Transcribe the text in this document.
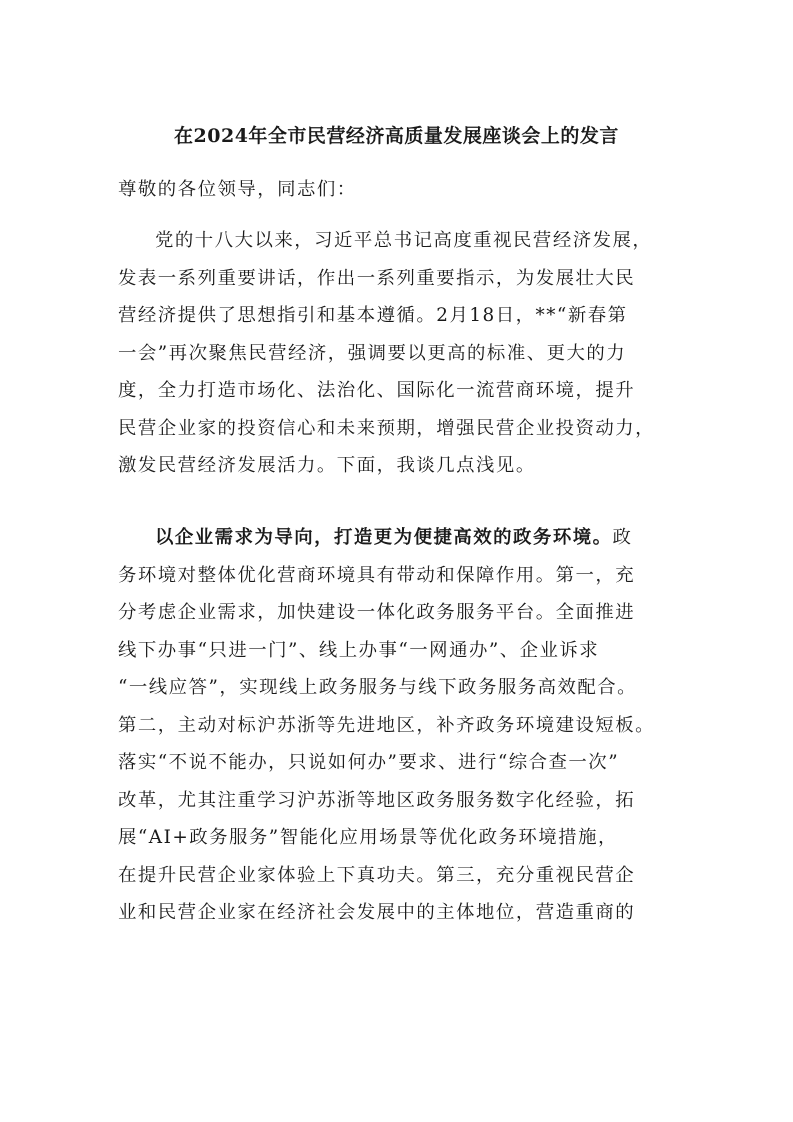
在2024年全市民营经济高质量发展座谈会上的发言
尊敬的各位领导，同志们：
党的十八大以来，习近平总书记高度重视民营经济发展，
发表一系列重要讲话，作出一系列重要指示，为发展壮大民
营经济提供了思想指引和基本遵循。2月18日，**“新春第
一会”再次聚焦民营经济，强调要以更高的标准、更大的力
度，全力打造市场化、法治化、国际化一流营商环境，提升
民营企业家的投资信心和未来预期，增强民营企业投资动力，
激发民营经济发展活力。下面，我谈几点浅见。
以企业需求为导向，打造更为便捷高效的政务环境。政
务环境对整体优化营商环境具有带动和保障作用。第一，充
分考虑企业需求，加快建设一体化政务服务平台。全面推进
线下办事“只进一门”、线上办事“一网通办”、企业诉求
“一线应答”，实现线上政务服务与线下政务服务高效配合。
第二，主动对标沪苏浙等先进地区，补齐政务环境建设短板。
落实“不说不能办，只说如何办”要求、进行“综合查一次”
改革，尤其注重学习沪苏浙等地区政务服务数字化经验，拓
展“AI+政务服务”智能化应用场景等优化政务环境措施，
在提升民营企业家体验上下真功夫。第三，充分重视民营企
业和民营企业家在经济社会发展中的主体地位，营造重商的
